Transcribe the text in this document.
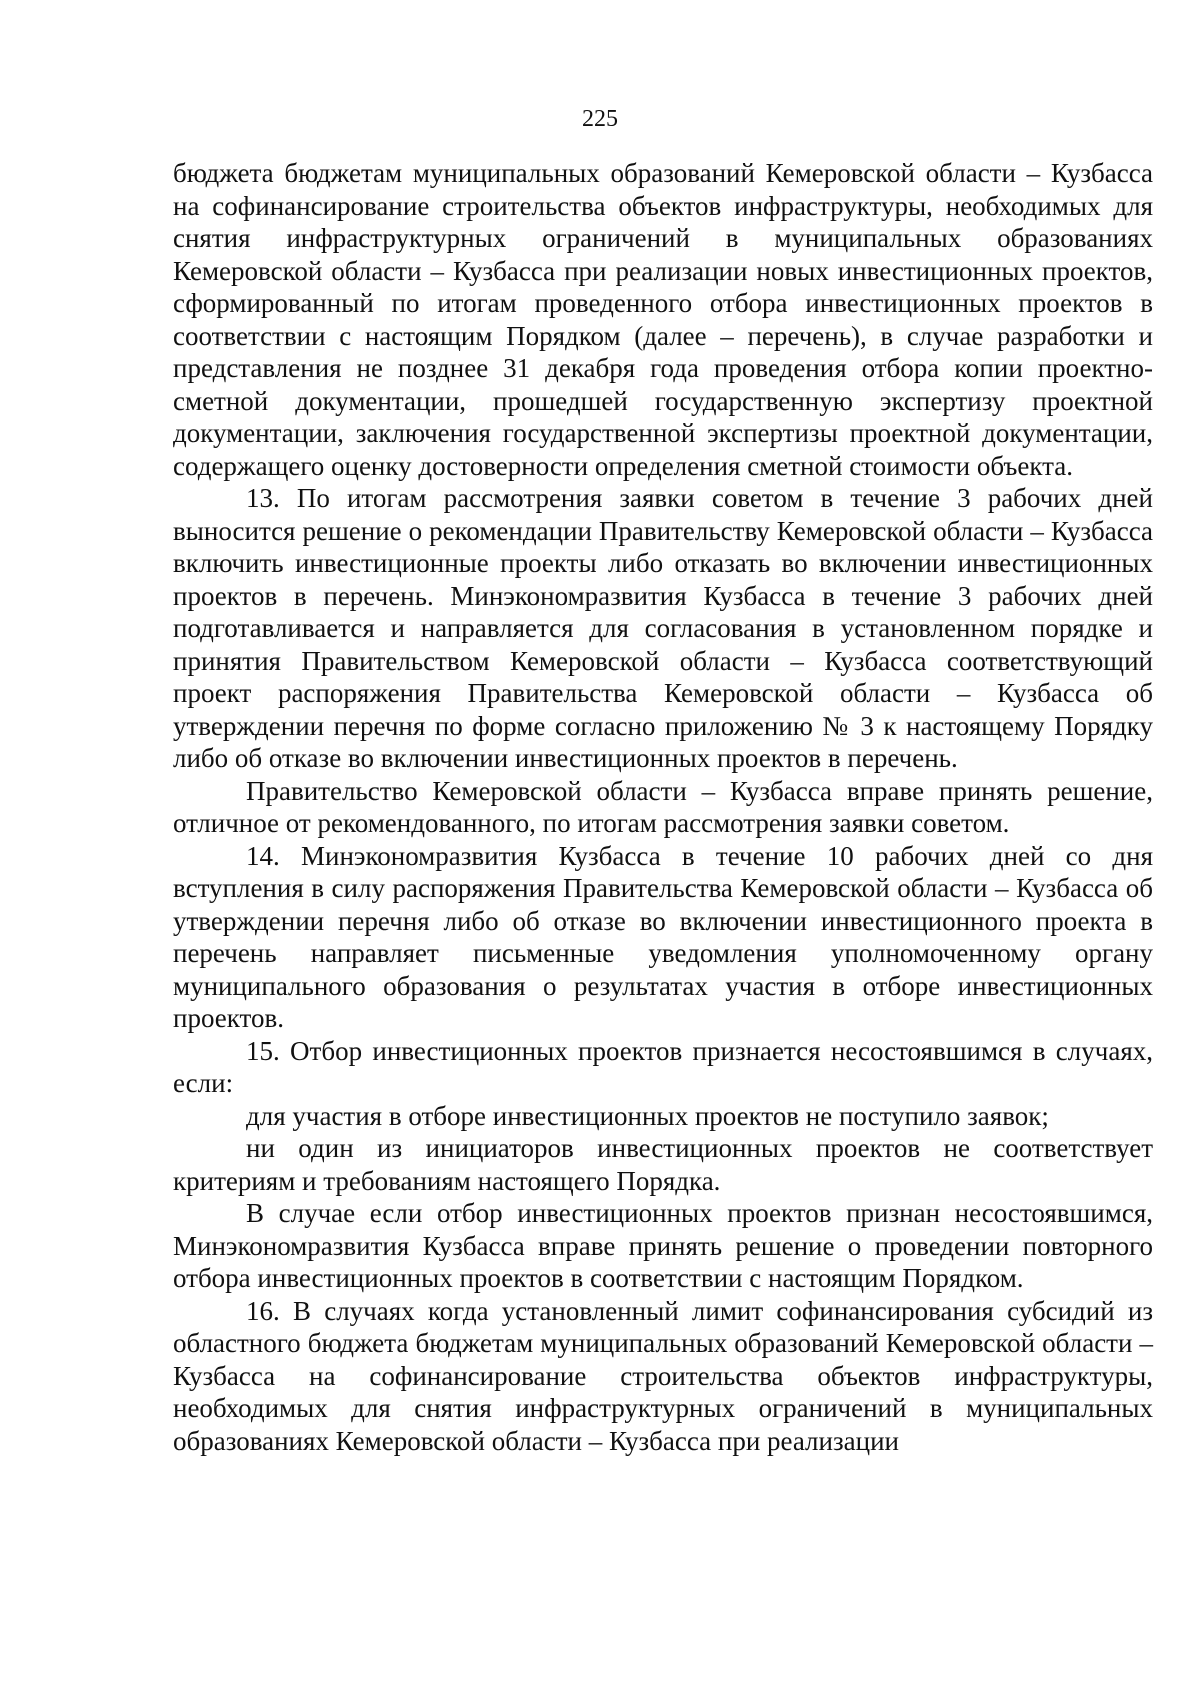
225

бюджета бюджетам муниципальных образований Кемеровской области – Кузбасса на софинансирование строительства объектов инфраструктуры, необходимых для снятия инфраструктурных ограничений в муниципальных образованиях Кемеровской области – Кузбасса при реализации новых инвестиционных проектов, сформированный по итогам проведенного отбора инвестиционных проектов в соответствии с настоящим Порядком (далее – перечень), в случае разработки и представления не позднее 31 декабря года проведения отбора копии проектно-сметной документации, прошедшей государственную экспертизу проектной документации, заключения государственной экспертизы проектной документации, содержащего оценку достоверности определения сметной стоимости объекта.

13. По итогам рассмотрения заявки советом в течение 3 рабочих дней выносится решение о рекомендации Правительству Кемеровской области – Кузбасса включить инвестиционные проекты либо отказать во включении инвестиционных проектов в перечень. Минэкономразвития Кузбасса в течение 3 рабочих дней подготавливается и направляется для согласования в установленном порядке и принятия Правительством Кемеровской области – Кузбасса соответствующий проект распоряжения Правительства Кемеровской области – Кузбасса об утверждении перечня по форме согласно приложению № 3 к настоящему Порядку либо об отказе во включении инвестиционных проектов в перечень.

Правительство Кемеровской области – Кузбасса вправе принять решение, отличное от рекомендованного, по итогам рассмотрения заявки советом.

14. Минэкономразвития Кузбасса в течение 10 рабочих дней со дня вступления в силу распоряжения Правительства Кемеровской области – Кузбасса об утверждении перечня либо об отказе во включении инвестиционного проекта в перечень направляет письменные уведомления уполномоченному органу муниципального образования о результатах участия в отборе инвестиционных проектов.

15. Отбор инвестиционных проектов признается несостоявшимся в случаях, если:

для участия в отборе инвестиционных проектов не поступило заявок;

ни один из инициаторов инвестиционных проектов не соответствует критериям и требованиям настоящего Порядка.

В случае если отбор инвестиционных проектов признан несостоявшимся, Минэкономразвития Кузбасса вправе принять решение о проведении повторного отбора инвестиционных проектов в соответствии с настоящим Порядком.

16. В случаях когда установленный лимит софинансирования субсидий из областного бюджета бюджетам муниципальных образований Кемеровской области – Кузбасса на софинансирование строительства объектов инфраструктуры, необходимых для снятия инфраструктурных ограничений в муниципальных образованиях Кемеровской области – Кузбасса при реализации
